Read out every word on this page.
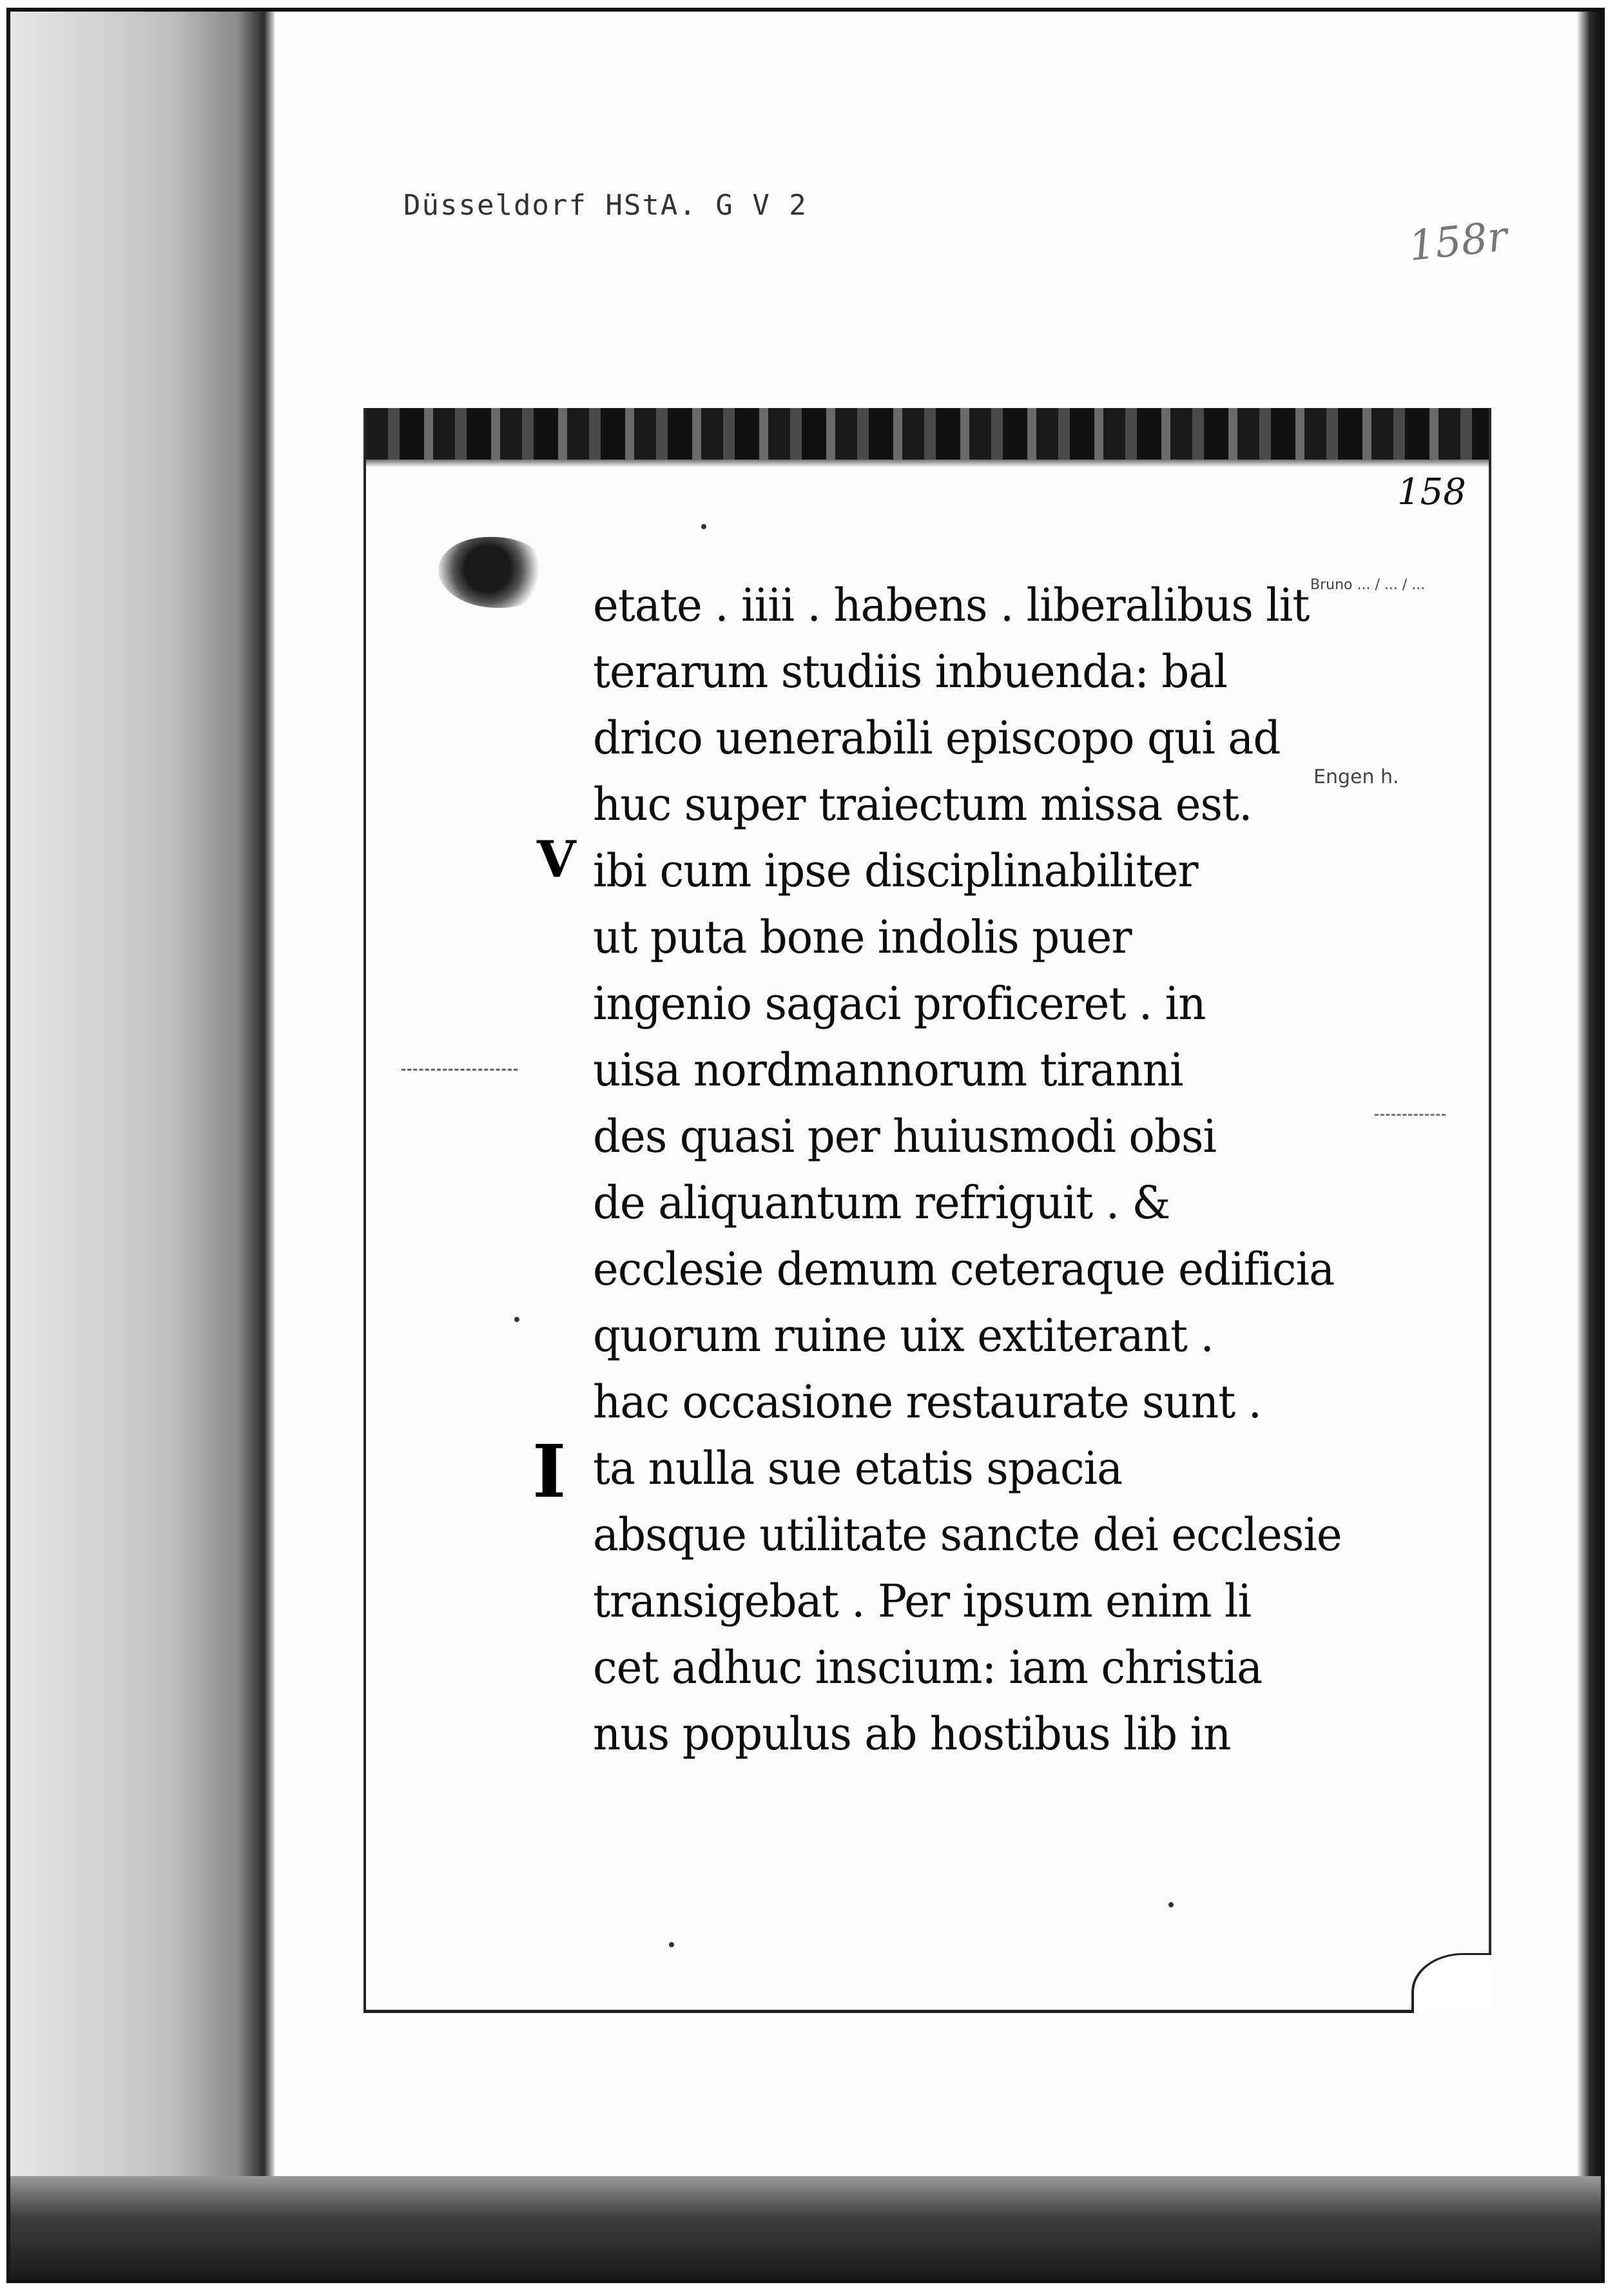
Düsseldorf HStA. G V 2
158r
158
V
I
Bruno ... / ... / ...
Engen h.
etate . iiii . habens . liberalibus lit
terarum studiis inbuenda: bal
drico uenerabili episcopo qui ad
huc super traiectum missa est.
ibi cum ipse disciplinabiliter
ut puta bone indolis puer
ingenio sagaci proficeret . in
uisa nordmannorum tiranni
des quasi per huiusmodi obsi
de aliquantum refriguit . &
ecclesie demum ceteraque edificia
quorum ruine uix extiterant .
hac occasione restaurate sunt .
ta nulla sue etatis spacia
absque utilitate sancte dei ecclesie
transigebat . Per ipsum enim li
cet adhuc inscium: iam christia
nus populus ab hostibus lib in
